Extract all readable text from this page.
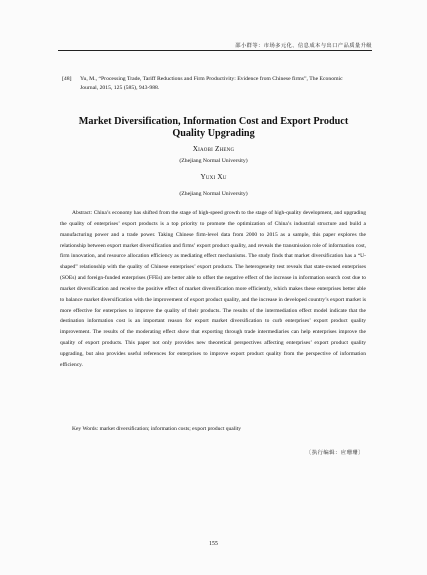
邵小群等：市场多元化、信息成本与出口产品质量升级
[48] Yu, M., “Processing Trade, Tariff Reductions and Firm Productivity: Evidence from Chinese firms”, The Economic
Journal, 2015, 125 (585), 943-988.
Market Diversification, Information Cost and Export Product
Quality Upgrading
Xiaobi Zheng
(Zhejiang Normal University)
Yuxi Xu
(Zhejiang Normal University)

Abstract: China’s economy has shifted from the stage of high-speed growth to the stage of high-quality development, and upgrading the quality of enterprises’ export products is a top priority to promote the optimization of China’s industrial structure and build a manufacturing power and a trade power. Taking Chinese firm-level data from 2000 to 2015 as a sample, this paper explores the relationship between export market diversification and firms’ export product quality, and reveals the transmission role of information cost, firm innovation, and resource allocation efficiency as mediating effect mechanisms. The study finds that market diversification has a “U-shaped” relationship with the quality of Chinese enterprises’ export products. The heterogeneity test reveals that state-owned enterprises (SOEs) and foreign-funded enterprises (FFEs) are better able to offset the negative effect of the increase in information search cost due to market diversification and receive the positive effect of market diversification more efficiently, which makes these enterprises better able to balance market diversification with the improvement of export product quality, and the increase in developed country’s export market is more effective for enterprises to improve the quality of their products. The results of the intermediation effect model indicate that the destination information cost is an important reason for export market diversification to curb enterprises’ export product quality improvement. The results of the moderating effect show that exporting through trade intermediaries can help enterprises improve the quality of export products. This paper not only provides new theoretical perspectives affecting enterprises’ export product quality upgrading, but also provides useful references for enterprises to improve export product quality from the perspective of information efficiency.

Key Words: market diversification; information costs; export product quality
〔执行编辑：应珊珊〕
155
